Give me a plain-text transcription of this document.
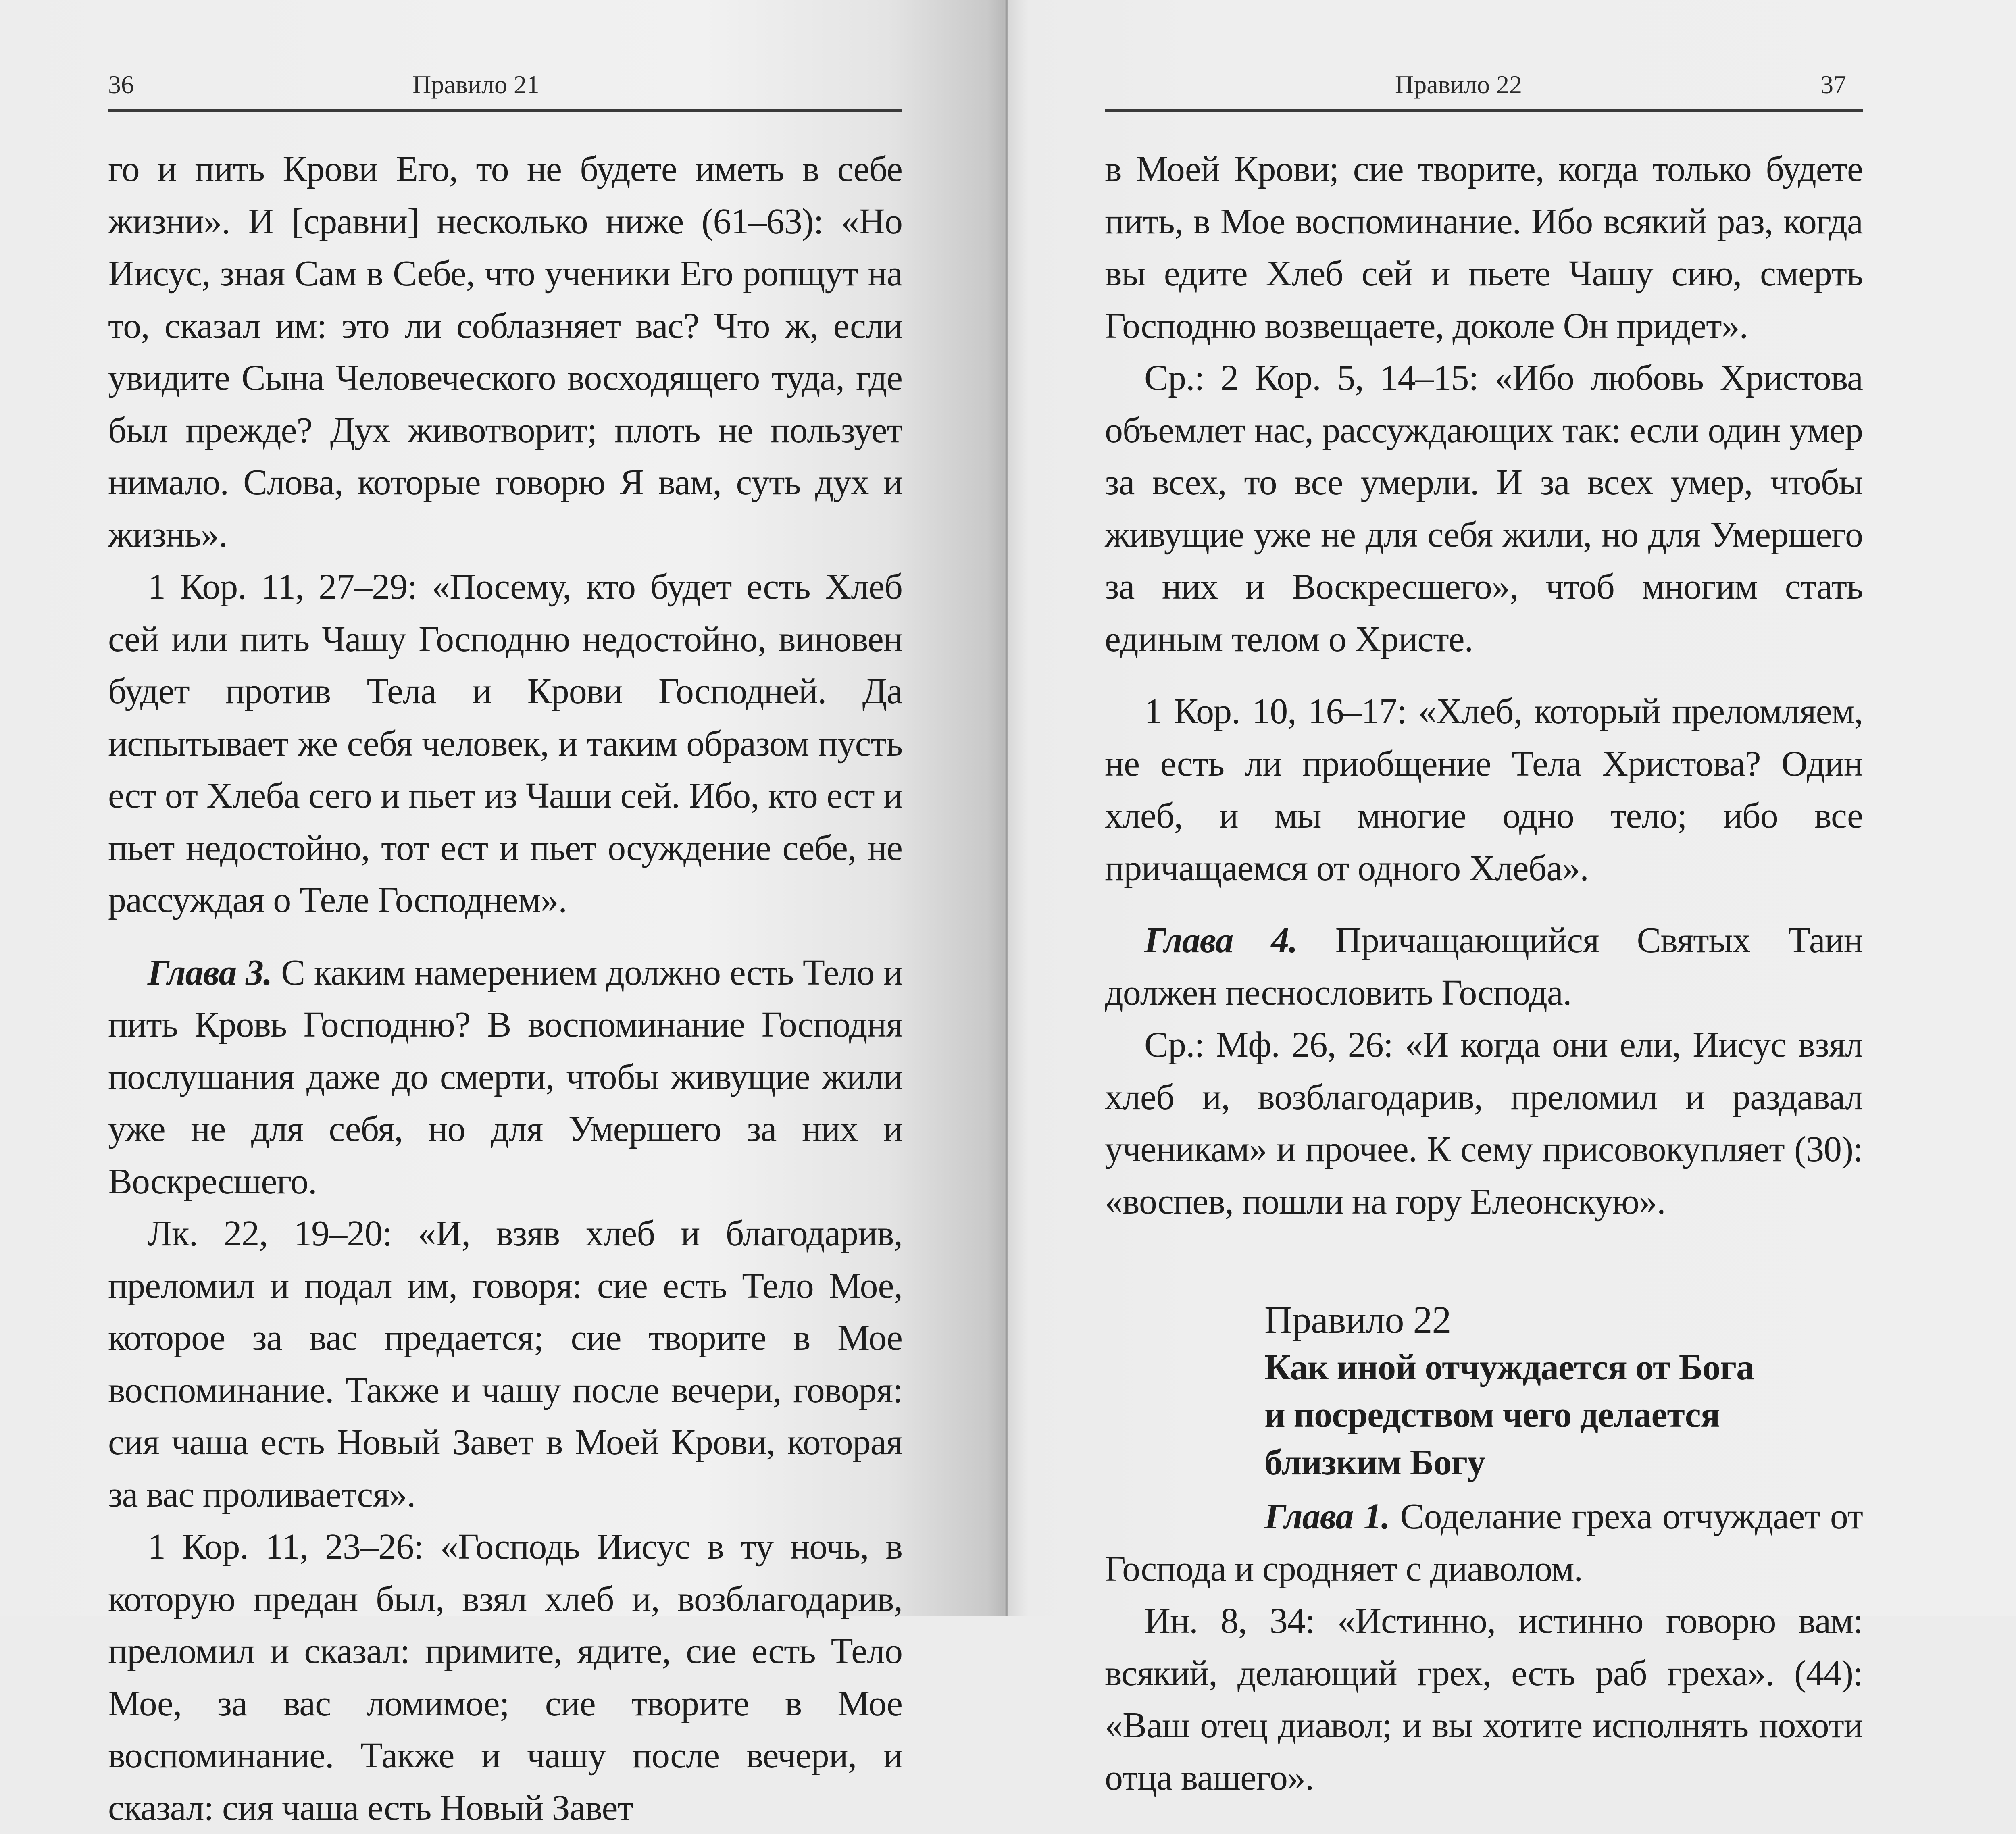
36	Правило 21

го и пить Крови Его, то не будете иметь в себе жизни». И [сравни] несколько ниже (61–63): «Но Иисус, зная Сам в Себе, что ученики Его ропщут на то, сказал им: это ли соблазняет вас? Что ж, если увидите Сына Человеческого восходящего туда, где был прежде? Дух животворит; плоть не пользует нимало. Слова, которые говорю Я вам, суть дух и жизнь».

1 Кор. 11, 27–29: «Посему, кто будет есть Хлеб сей или пить Чашу Господню недостойно, виновен будет против Тела и Крови Господней. Да испытывает же себя человек, и таким образом пусть ест от Хлеба сего и пьет из Чаши сей. Ибо, кто ест и пьет недостойно, тот ест и пьет осуждение себе, не рассуждая о Теле Господнем».

Глава 3. С каким намерением должно есть Тело и пить Кровь Господню? В воспоминание Господня послушания даже до смерти, чтобы живущие жили уже не для себя, но для Умершего за них и Воскресшего.

Лк. 22, 19–20: «И, взяв хлеб и благодарив, преломил и подал им, говоря: сие есть Тело Мое, которое за вас предается; сие творите в Мое воспоминание. Также и чашу после вечери, говоря: сия чаша есть Новый Завет в Моей Крови, которая за вас проливается».

1 Кор. 11, 23–26: «Господь Иисус в ту ночь, в которую предан был, взял хлеб и, возблагодарив, преломил и сказал: примите, ядите, сие есть Тело Мое, за вас ломимое; сие творите в Мое воспоминание. Также и чашу после вечери, и сказал: сия чаша есть Новый Завет

Правило 22	37

в Моей Крови; сие творите, когда только будете пить, в Мое воспоминание. Ибо всякий раз, когда вы едите Хлеб сей и пьете Чашу сию, смерть Господню возвещаете, доколе Он придет».

Ср.: 2 Кор. 5, 14–15: «Ибо любовь Христова объемлет нас, рассуждающих так: если один умер за всех, то все умерли. И за всех умер, чтобы живущие уже не для себя жили, но для Умершего за них и Воскресшего», чтоб многим стать единым телом о Христе.

1 Кор. 10, 16–17: «Хлеб, который преломляем, не есть ли приобщение Тела Христова? Один хлеб, и мы многие одно тело; ибо все причащаемся от одного Хлеба».

Глава 4. Причащающийся Святых Таин должен песнословить Господа.

Ср.: Мф. 26, 26: «И когда они ели, Иисус взял хлеб и, возблагодарив, преломил и раздавал ученикам» и прочее. К сему присовокупляет (30): «воспев, пошли на гору Елеонскую».

Правило 22
Как иной отчуждается от Бога
и посредством чего делается
близким Богу

Глава 1. Соделание греха отчуждает от Господа и сродняет с диаволом.

Ин. 8, 34: «Истинно, истинно говорю вам: всякий, делающий грех, есть раб греха». (44): «Ваш отец диавол; и вы хотите исполнять похоти отца вашего».
